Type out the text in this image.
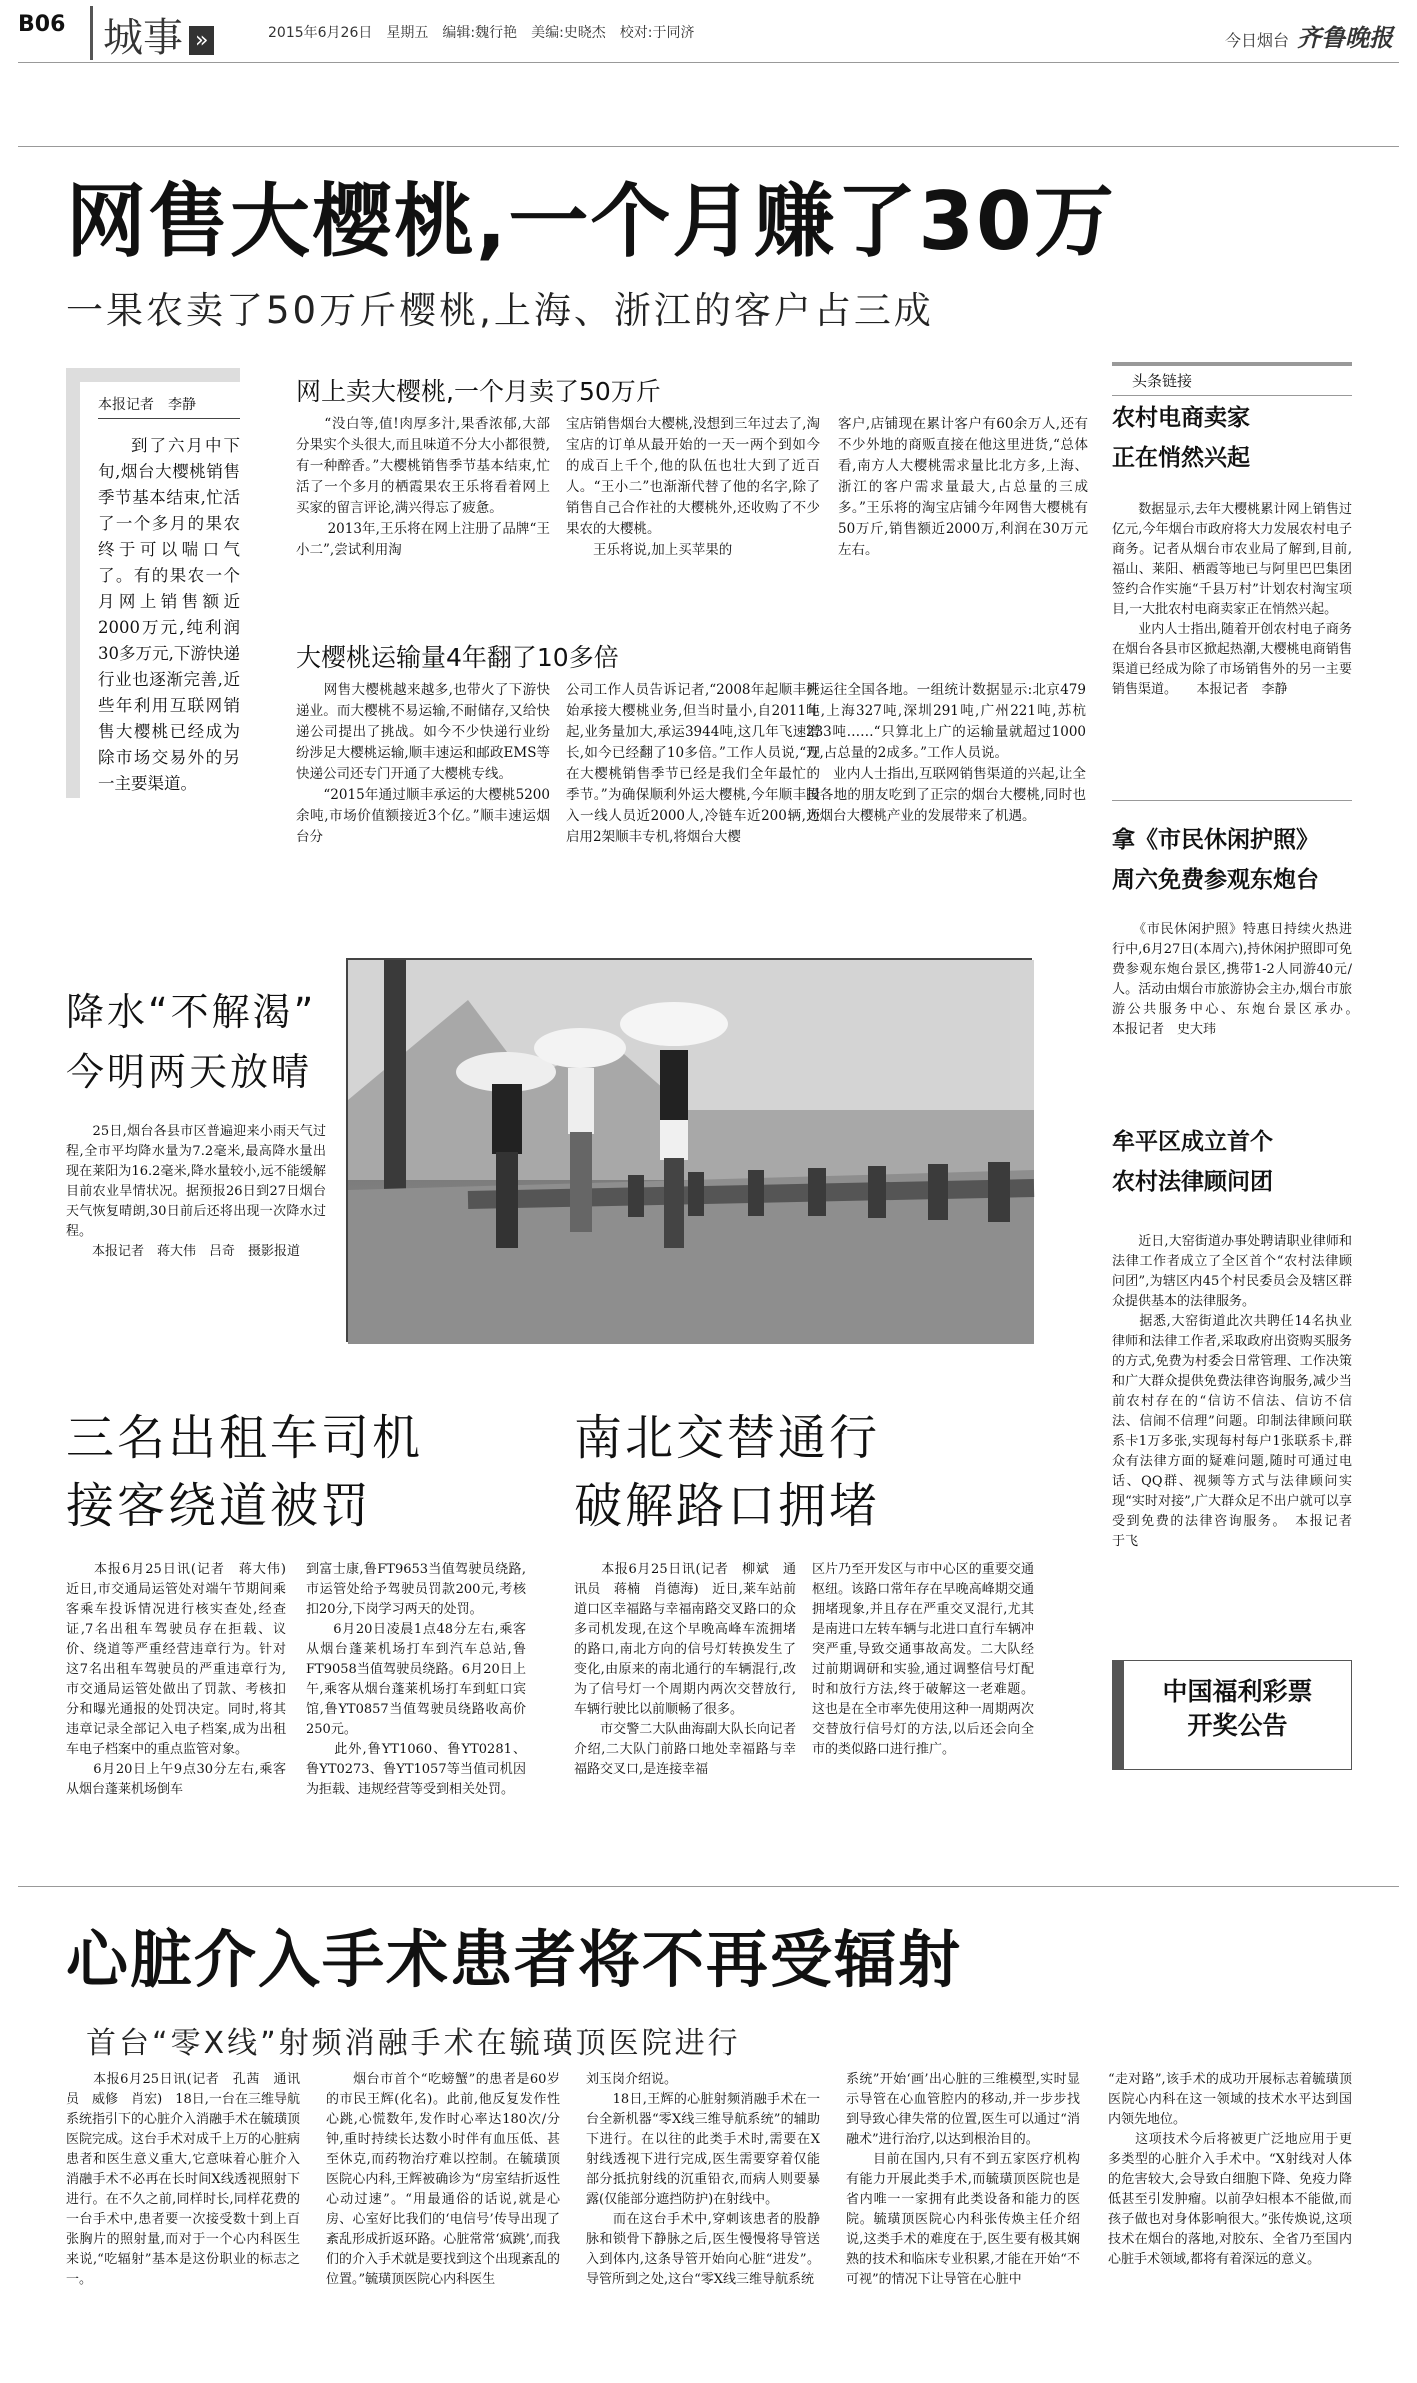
B06 城事 »	2015年6月26日　星期五　编辑:魏行艳　美编:史晓杰　校对:于同济	今日烟台 齐鲁晚报
网售大樱桃,一个月赚了30万
一果农卖了50万斤樱桃,上海、浙江的客户占三成
本报记者　李静
到了六月中下旬,烟台大樱桃销售季节基本结束,忙活了一个多月的果农终于可以喘口气了。有的果农一个月网上销售额近2000万元,纯利润30多万元,下游快递行业也逐渐完善,近些年利用互联网销售大樱桃已经成为除市场交易外的另一主要渠道。
网上卖大樱桃,一个月卖了50万斤
　　“没白等,值!肉厚多汁,果香浓郁,大部分果实个头很大,而且味道不分大小都很赞,有一种醉香。”大樱桃销售季节基本结束,忙活了一个多月的栖霞果农王乐将看着网上买家的留言评论,满兴得忘了疲惫。
　　 2013年,王乐将在网上注册了品牌“王小二”,尝试利用淘
宝店销售烟台大樱桃,没想到三年过去了,淘宝店的订单从最开始的一天一两个到如今的成百上千个,他的队伍也壮大到了近百人。“王小二”也渐渐代替了他的名字,除了销售自己合作社的大樱桃外,还收购了不少果农的大樱桃。
　　王乐将说,加上买苹果的
客户,店铺现在累计客户有60余万人,还有不少外地的商贩直接在他这里进货,“总体看,南方人大樱桃需求量比北方多,上海、浙江的客户需求量最大,占总量的三成多。”王乐将的淘宝店铺今年网售大樱桃有50万斤,销售额近2000万,利润在30万元左右。
大樱桃运输量4年翻了10多倍
　　网售大樱桃越来越多,也带火了下游快递业。而大樱桃不易运输,不耐储存,又给快递公司提出了挑战。如今不少快递行业纷纷涉足大樱桃运输,顺丰速运和邮政EMS等快递公司还专门开通了大樱桃专线。
　　“2015年通过顺丰承运的大樱桃5200余吨,市场价值额接近3个亿。”顺丰速运烟台分
公司工作人员告诉记者,“2008年起顺丰开始承接大樱桃业务,但当时量小,自2011年起,业务量加大,承运3944吨,这几年飞速增长,如今已经翻了10多倍。”工作人员说,“现在大樱桃销售季节已经是我们全年最忙的季节。”为确保顺利外运大樱桃,今年顺丰投入一线人员近2000人,冷链车近200辆,还启用2架顺丰专机,将烟台大樱
桃运往全国各地。一组统计数据显示:北京479吨,上海327吨,深圳291吨,广州221吨,苏杭233吨……“只算北上广的运输量就超过1000万,占总量的2成多。”工作人员说。
　　业内人士指出,互联网销售渠道的兴起,让全国各地的朋友吃到了正宗的烟台大樱桃,同时也为烟台大樱桃产业的发展带来了机遇。
头条链接
农村电商卖家
正在悄然兴起
　　数据显示,去年大樱桃累计网上销售过亿元,今年烟台市政府将大力发展农村电子商务。记者从烟台市农业局了解到,目前,福山、莱阳、栖霞等地已与阿里巴巴集团签约合作实施“千县万村”计划农村淘宝项目,一大批农村电商卖家正在悄然兴起。
　　业内人士指出,随着开创农村电子商务在烟台各县市区掀起热潮,大樱桃电商销售渠道已经成为除了市场销售外的另一主要销售渠道。　　本报记者　李静
拿《市民休闲护照》
周六免费参观东炮台
　　《市民休闲护照》特惠日持续火热进行中,6月27日(本周六),持休闲护照即可免费参观东炮台景区,携带1-2人同游40元/人。活动由烟台市旅游协会主办,烟台市旅游公共服务中心、东炮台景区承办。　　本报记者　史大玮
牟平区成立首个
农村法律顾问团
　　近日,大窑街道办事处聘请职业律师和法律工作者成立了全区首个“农村法律顾问团”,为辖区内45个村民委员会及辖区群众提供基本的法律服务。
　　据悉,大窑街道此次共聘任14名执业律师和法律工作者,采取政府出资购买服务的方式,免费为村委会日常管理、工作决策和广大群众提供免费法律咨询服务,减少当前农村存在的“信访不信法、信访不信法、信闹不信理”问题。印制法律顾问联系卡1万多张,实现每村每户1张联系卡,群众有法律方面的疑难问题,随时可通过电话、QQ群、视频等方式与法律顾问实现“实时对接”,广大群众足不出户就可以享受到免费的法律咨询服务。　本报记者　于飞
中国福利彩票
开奖公告
降水“不解渴”
今明两天放晴
　　25日,烟台各县市区普遍迎来小雨天气过程,全市平均降水量为7.2毫米,最高降水量出现在莱阳为16.2毫米,降水量较小,远不能缓解目前农业旱情状况。据预报26日到27日烟台天气恢复晴朗,30日前后还将出现一次降水过程。
　　本报记者　蒋大伟　吕奇　摄影报道
三名出租车司机
接客绕道被罚
　　本报6月25日讯(记者　蒋大伟)　近日,市交通局运管处对端午节期间乘客乘车投诉情况进行核实查处,经查证,7名出租车驾驶员存在拒载、议价、绕道等严重经营违章行为。针对这7名出租车驾驶员的严重违章行为,市交通局运管处做出了罚款、考核扣分和曝光通报的处罚决定。同时,将其违章记录全部记入电子档案,成为出租车电子档案中的重点监管对象。
　　6月20日上午9点30分左右,乘客从烟台蓬莱机场倒车
到富士康,鲁FT9653当值驾驶员绕路,市运管处给予驾驶员罚款200元,考核扣20分,下岗学习两天的处罚。
　　6月20日凌晨1点48分左右,乘客从烟台蓬莱机场打车到汽车总站,鲁FT9058当值驾驶员绕路。6月20日上午,乘客从烟台蓬莱机场打车到虹口宾馆,鲁YT0857当值驾驶员绕路收高价250元。
　　此外,鲁YT1060、鲁YT0281、鲁YT0273、鲁YT1057等当值司机因为拒载、违规经营等受到相关处罚。
南北交替通行
破解路口拥堵
　　本报6月25日讯(记者　柳斌　通讯员　蒋楠　肖德海)　近日,莱车站前道口区幸福路与幸福南路交叉路口的众多司机发现,在这个早晚高峰车流拥堵的路口,南北方向的信号灯转换发生了变化,由原来的南北通行的车辆混行,改为了信号灯一个周期内两次交替放行,车辆行驶比以前顺畅了很多。
　　市交警二大队曲海副大队长向记者介绍,二大队门前路口地处幸福路与幸福路交叉口,是连接幸福
区片乃至开发区与市中心区的重要交通枢纽。该路口常年存在早晚高峰期交通拥堵现象,并且存在严重交叉混行,尤其是南进口左转车辆与北进口直行车辆冲突严重,导致交通事故高发。二大队经过前期调研和实验,通过调整信号灯配时和放行方法,终于破解这一老难题。这也是在全市率先使用这种一周期两次交替放行信号灯的方法,以后还会向全市的类似路口进行推广。
心脏介入手术患者将不再受辐射
首台“零X线”射频消融手术在毓璜顶医院进行
　　本报6月25日讯(记者　孔茜　通讯员　威修　肖宏)　18日,一台在三维导航系统指引下的心脏介入消融手术在毓璜顶医院完成。这台手术对成千上万的心脏病患者和医生意义重大,它意味着心脏介入消融手术不必再在长时间X线透视照射下进行。在不久之前,同样时长,同样花费的一台手术中,患者要一次接受数十到上百张胸片的照射量,而对于一个心内科医生来说,“吃辐射”基本是这份职业的标志之一。
　　烟台市首个“吃螃蟹”的患者是60岁的市民王辉(化名)。此前,他反复发作性心跳,心慌数年,发作时心率达180次/分钟,重时持续长达数小时伴有血压低、甚至休克,而药物治疗难以控制。在毓璜顶医院心内科,王辉被确诊为“房室结折返性心动过速”。“用最通俗的话说,就是心房、心室好比我们的‘电信号’传导出现了紊乱形成折返环路。心脏常常‘疯跳’,而我们的介入手术就是要找到这个出现紊乱的位置。”毓璜顶医院心内科医生
刘玉岗介绍说。
　　18日,王辉的心脏射频消融手术在一台全新机器“零X线三维导航系统”的辅助下进行。在以往的此类手术时,需要在X射线透视下进行完成,医生需要穿着仅能部分抵抗射线的沉重铅衣,而病人则要暴露(仅能部分遮挡防护)在射线中。
　　而在这台手术中,穿刺该患者的股静脉和锁骨下静脉之后,医生慢慢将导管送入到体内,这条导管开始向心脏“进发”。导管所到之处,这台“零X线三维导航系统
系统”开始‘画’出心脏的三维模型,实时显示导管在心血管腔内的移动,并一步步找到导致心律失常的位置,医生可以通过“消融术”进行治疗,以达到根治目的。
　　目前在国内,只有不到五家医疗机构有能力开展此类手术,而毓璜顶医院也是省内唯一一家拥有此类设备和能力的医院。毓璜顶医院心内科张传焕主任介绍说,这类手术的难度在于,医生要有极其娴熟的技术和临床专业积累,才能在开始“不可视”的情况下让导管在心脏中
“走对路”,该手术的成功开展标志着毓璜顶医院心内科在这一领域的技术水平达到国内领先地位。
　　这项技术今后将被更广泛地应用于更多类型的心脏介入手术中。“X射线对人体的危害较大,会导致白细胞下降、免疫力降低甚至引发肿瘤。以前孕妇根本不能做,而孩子做也对身体影响很大。”张传焕说,这项技术在烟台的落地,对胶东、全省乃至国内心脏手术领域,都将有着深远的意义。
